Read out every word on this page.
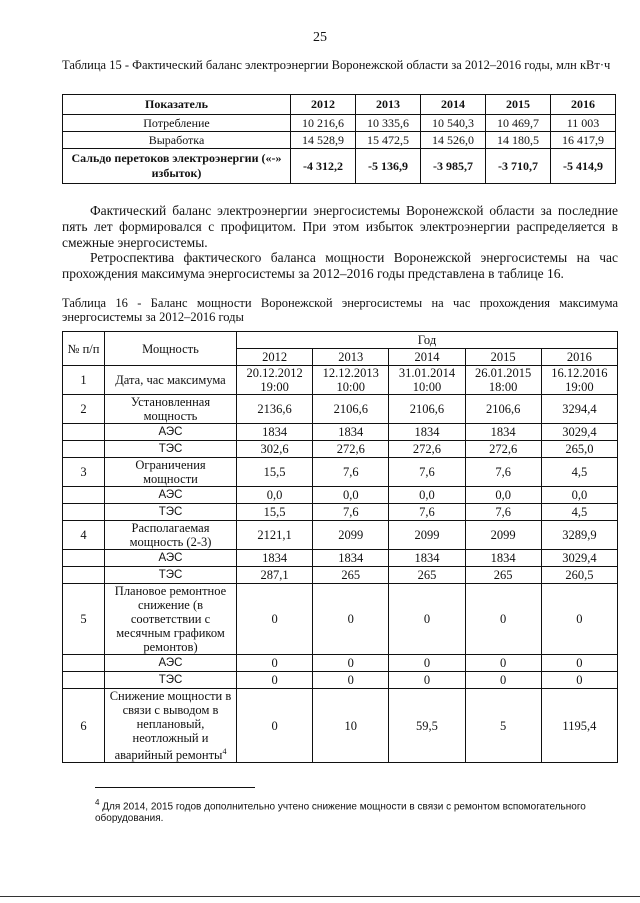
25
Таблица 15 - Фактический баланс электроэнергии Воронежской области за 2012–2016 годы, млн кВт·ч
Показатель	2012	2013	2014	2015	2016
Потребление	10 216,6	10 335,6	10 540,3	10 469,7	11 003
Выработка	14 528,9	15 472,5	14 526,0	14 180,5	16 417,9
Сальдо перетоков электроэнергии («-» избыток)	-4 312,2	-5 136,9	-3 985,7	-3 710,7	-5 414,9
Фактический баланс электроэнергии энергосистемы Воронежской области за последние пять лет формировался с профицитом. При этом избыток электроэнергии распределяется в смежные энергосистемы.
Ретроспектива фактического баланса мощности Воронежской энергосистемы на час прохождения максимума энергосистемы за 2012–2016 годы представлена в таблице 16.
Таблица 16 - Баланс мощности Воронежской энергосистемы на час прохождения максимума энергосистемы за 2012–2016 годы
№ п/п	Мощность	Год				
		2012	2013	2014	2015	2016
1	Дата, час максимума	20.12.2012 19:00	12.12.2013 10:00	31.01.2014 10:00	26.01.2015 18:00	16.12.2016 19:00
2	Установленная мощность	2136,6	2106,6	2106,6	2106,6	3294,4
	АЭС	1834	1834	1834	1834	3029,4
	ТЭС	302,6	272,6	272,6	272,6	265,0
3	Ограничения мощности	15,5	7,6	7,6	7,6	4,5
	АЭС	0,0	0,0	0,0	0,0	0,0
	ТЭС	15,5	7,6	7,6	7,6	4,5
4	Располагаемая мощность (2-3)	2121,1	2099	2099	2099	3289,9
	АЭС	1834	1834	1834	1834	3029,4
	ТЭС	287,1	265	265	265	260,5
5	Плановое ремонтное снижение (в соответствии с месячным графиком ремонтов)	0	0	0	0	0
	АЭС	0	0	0	0	0
	ТЭС	0	0	0	0	0
6	Снижение мощности в связи с выводом в неплановый, неотложный и аварийный ремонты$^4$	0	10	59,5	5	1195,4
$^4$ Для 2014, 2015 годов дополнительно учтено снижение мощности в связи с ремонтом вспомогательного оборудования.
